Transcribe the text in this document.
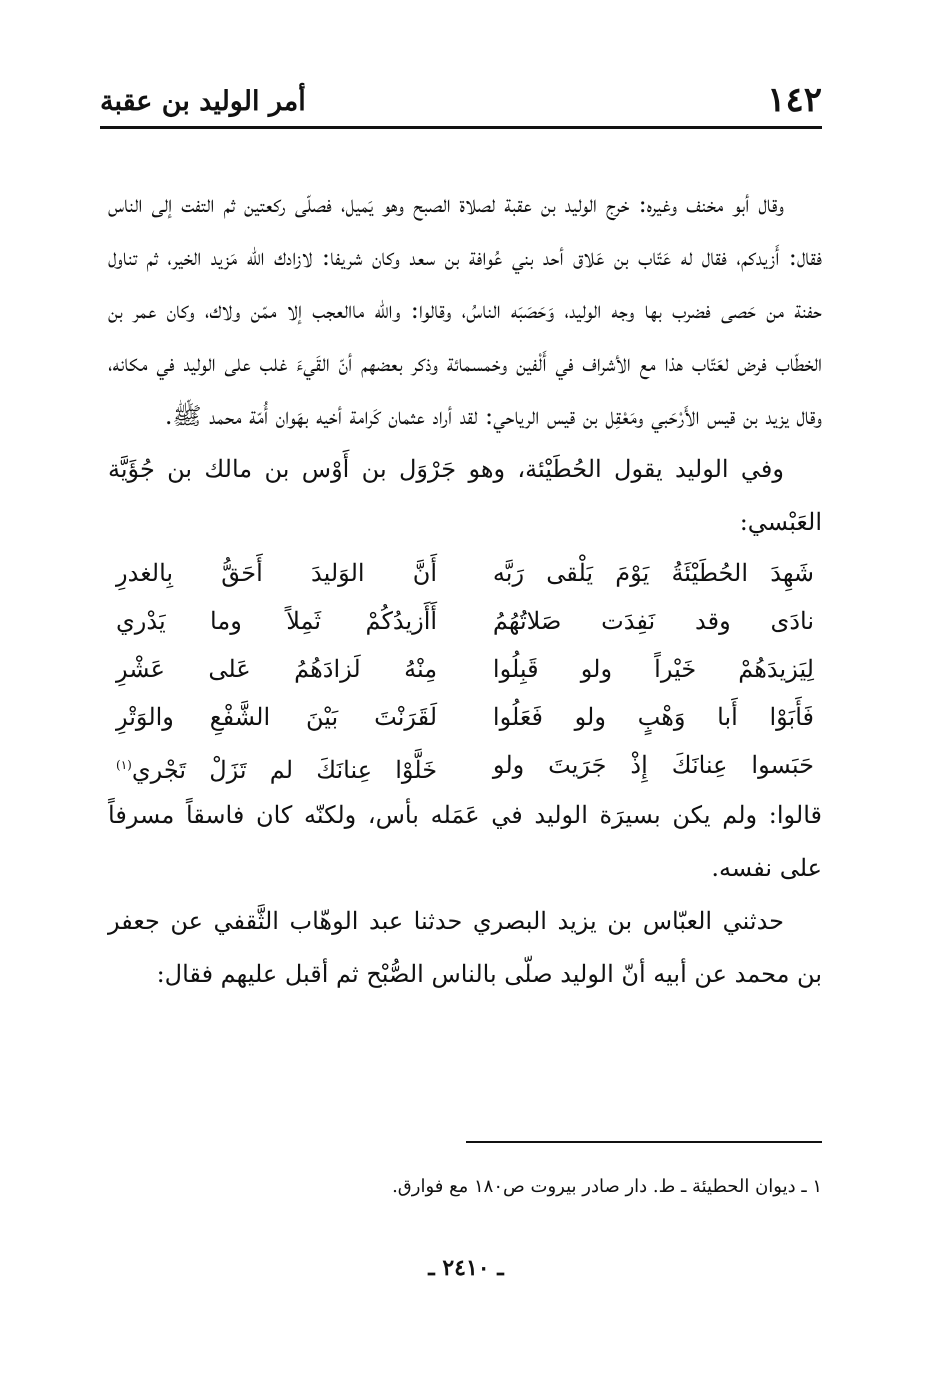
١٤٢
أمر الوليد بن عقبة

وقال أبو مخنف وغيره: خرج الوليد بن عقبة لصلاة الصبح وهو يَميل، فصلّى ركعتين ثم التفت إلى الناس فقال: أَزيدكم، فقال له عَتّاب بن عَلاق أحد بني عُوافة بن سعد وكان شريفا: لازادك الله مَزيد الخير، ثم تناول حفنة من حَصى فضرب بها وجه الوليد، وَحَصَبَه الناسُ، وقالوا: والله ماالعجب إلا ممّن ولاك، وكان عمر بن الخطّاب فرض لعَتّاب هذا مع الأشراف في أَلْفين وخمسمائة وذكر بعضهم أنّ القَيءَ غلب على الوليد في مكانه، وقال يزيد بن قيس الأَرْحَبي ومَعْقِل بن قيس الرياحي: لقد أراد عثمان كَرامة أخيه بهَوان أُمّة محمد ﷺ.

وفي الوليد يقول الحُطَيْئة، وهو جَرْوَل بن أَوْس بن مالك بن جُؤَيَّة العَبْسي:

شَهِدَ الحُطَيْئَةُ يَوْمَ يَلْقى رَبَّه
أَنَّ الوَليدَ أَحَقُّ بِالغدرِ
نادَى وقد نَفِدَت صَلاتُهُمُ
أَأَزيدُكُمْ ثَمِلاً وما يَدْري
لِيَزيدَهُمْ خَيْراً ولو قَبِلُوا
مِنْهُ لَزادَهُمُ عَلى عَشْرِ
فَأَبَوْا أَبا وَهْبٍ ولو فَعَلُوا
لَقَرَنْتَ بَيْنَ الشَّفْعِ والوَتْرِ
حَبَسوا عِنانَكَ إِذْ جَرَيتَ ولو
خَلَّوْا عِنانَكَ لم تَزَلْ تَجْري$^{(١)}$

قالوا: ولم يكن بسيرَة الوليد في عَمَله بأس، ولكنّه كان فاسقاً مسرفاً على نفسه.

حدثني العبّاس بن يزيد البصري حدثنا عبد الوهّاب الثَّقفي عن جعفر بن محمد عن أبيه أنّ الوليد صلّى بالناس الصُّبْح ثم أقبل عليهم فقال:

١ ـ ديوان الحطيئة ـ ط. دار صادر بيروت ص١٨٠ مع فوارق.
ـ ٢٤١٠ ـ
